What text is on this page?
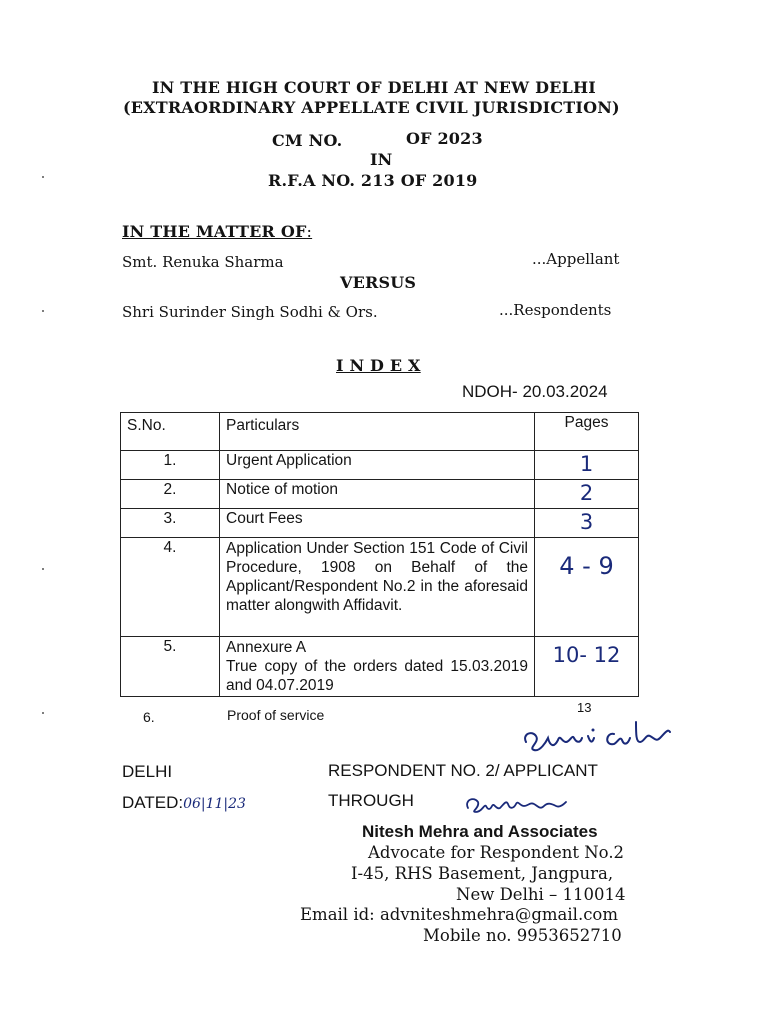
IN THE HIGH COURT OF DELHI AT NEW DELHI
(EXTRAORDINARY APPELLATE CIVIL JURISDICTION)
CM NO.	OF 2023
IN
R.F.A NO. 213 OF 2019
IN THE MATTER OF:
Smt. Renuka Sharma	...Appellant
VERSUS
Shri Surinder Singh Sodhi & Ors.	...Respondents
I N D E X
NDOH- 20.03.2024
S.No.	Particulars	Pages
1.	Urgent Application	1
2.	Notice of motion	2
3.	Court Fees	3
4.	Application Under Section 151 Code of Civil Procedure, 1908 on Behalf of the Applicant/Respondent No.2 in the aforesaid matter alongwith Affidavit.	4 - 9
5.	Annexure A
True copy of the orders dated 15.03.2019 and 04.07.2019	10- 12
6.	Proof of service	13
DELHI	RESPONDENT NO. 2/ APPLICANT
DATED:06|11|23	THROUGH
Nitesh Mehra and Associates
Advocate for Respondent No.2
I-45, RHS Basement, Jangpura,
New Delhi – 110014
Email id: advniteshmehra@gmail.com
Mobile no. 9953652710
